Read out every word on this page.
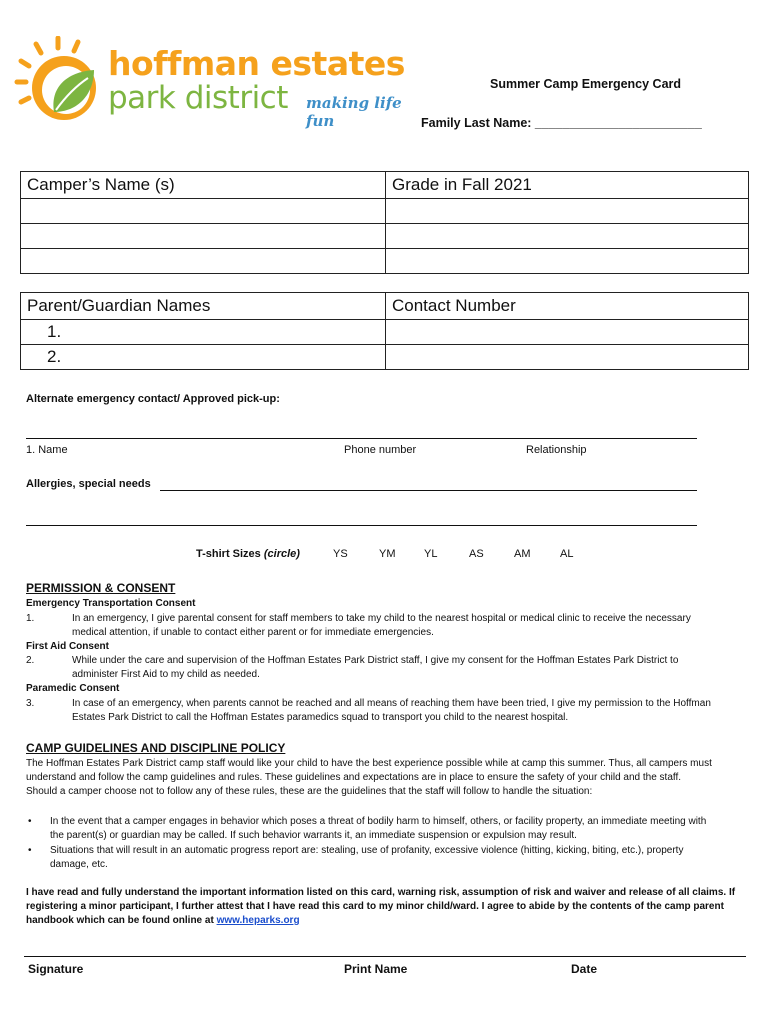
hoffman estates
park district making life fun
Summer Camp Emergency Card
Family Last Name: ________________________
Camper’s Name (s)	Grade in Fall 2021

Parent/Guardian Names	Contact Number
1.	
2.	
Alternate emergency contact/ Approved pick-up:
1. Name	Phone number	Relationship
Allergies, special needs
T-shirt Sizes (circle)	YS	YM	YL	AS	AM	AL
PERMISSION & CONSENT
Emergency Transportation Consent
1.	In an emergency, I give parental consent for staff members to take my child to the nearest hospital or medical clinic to receive the necessary
medical attention, if unable to contact either parent or for immediate emergencies.
First Aid Consent
2.	While under the care and supervision of the Hoffman Estates Park District staff, I give my consent for the Hoffman Estates Park District to
administer First Aid to my child as needed.
Paramedic Consent
3.	In case of an emergency, when parents cannot be reached and all means of reaching them have been tried, I give my permission to the Hoffman
Estates Park District to call the Hoffman Estates paramedics squad to transport you child to the nearest hospital.
CAMP GUIDELINES AND DISCIPLINE POLICY
The Hoffman Estates Park District camp staff would like your child to have the best experience possible while at camp this summer. Thus, all campers must
understand and follow the camp guidelines and rules. These guidelines and expectations are in place to ensure the safety of your child and the staff.
Should a camper choose not to follow any of these rules, these are the guidelines that the staff will follow to handle the situation:
• In the event that a camper engages in behavior which poses a threat of bodily harm to himself, others, or facility property, an immediate meeting with
the parent(s) or guardian may be called. If such behavior warrants it, an immediate suspension or expulsion may result.
• Situations that will result in an automatic progress report are: stealing, use of profanity, excessive violence (hitting, kicking, biting, etc.), property
damage, etc.
I have read and fully understand the important information listed on this card, warning risk, assumption of risk and waiver and release of all claims. If
registering a minor participant, I further attest that I have read this card to my minor child/ward. I agree to abide by the contents of the camp parent
handbook which can be found online at www.heparks.org
Signature	Print Name	Date
